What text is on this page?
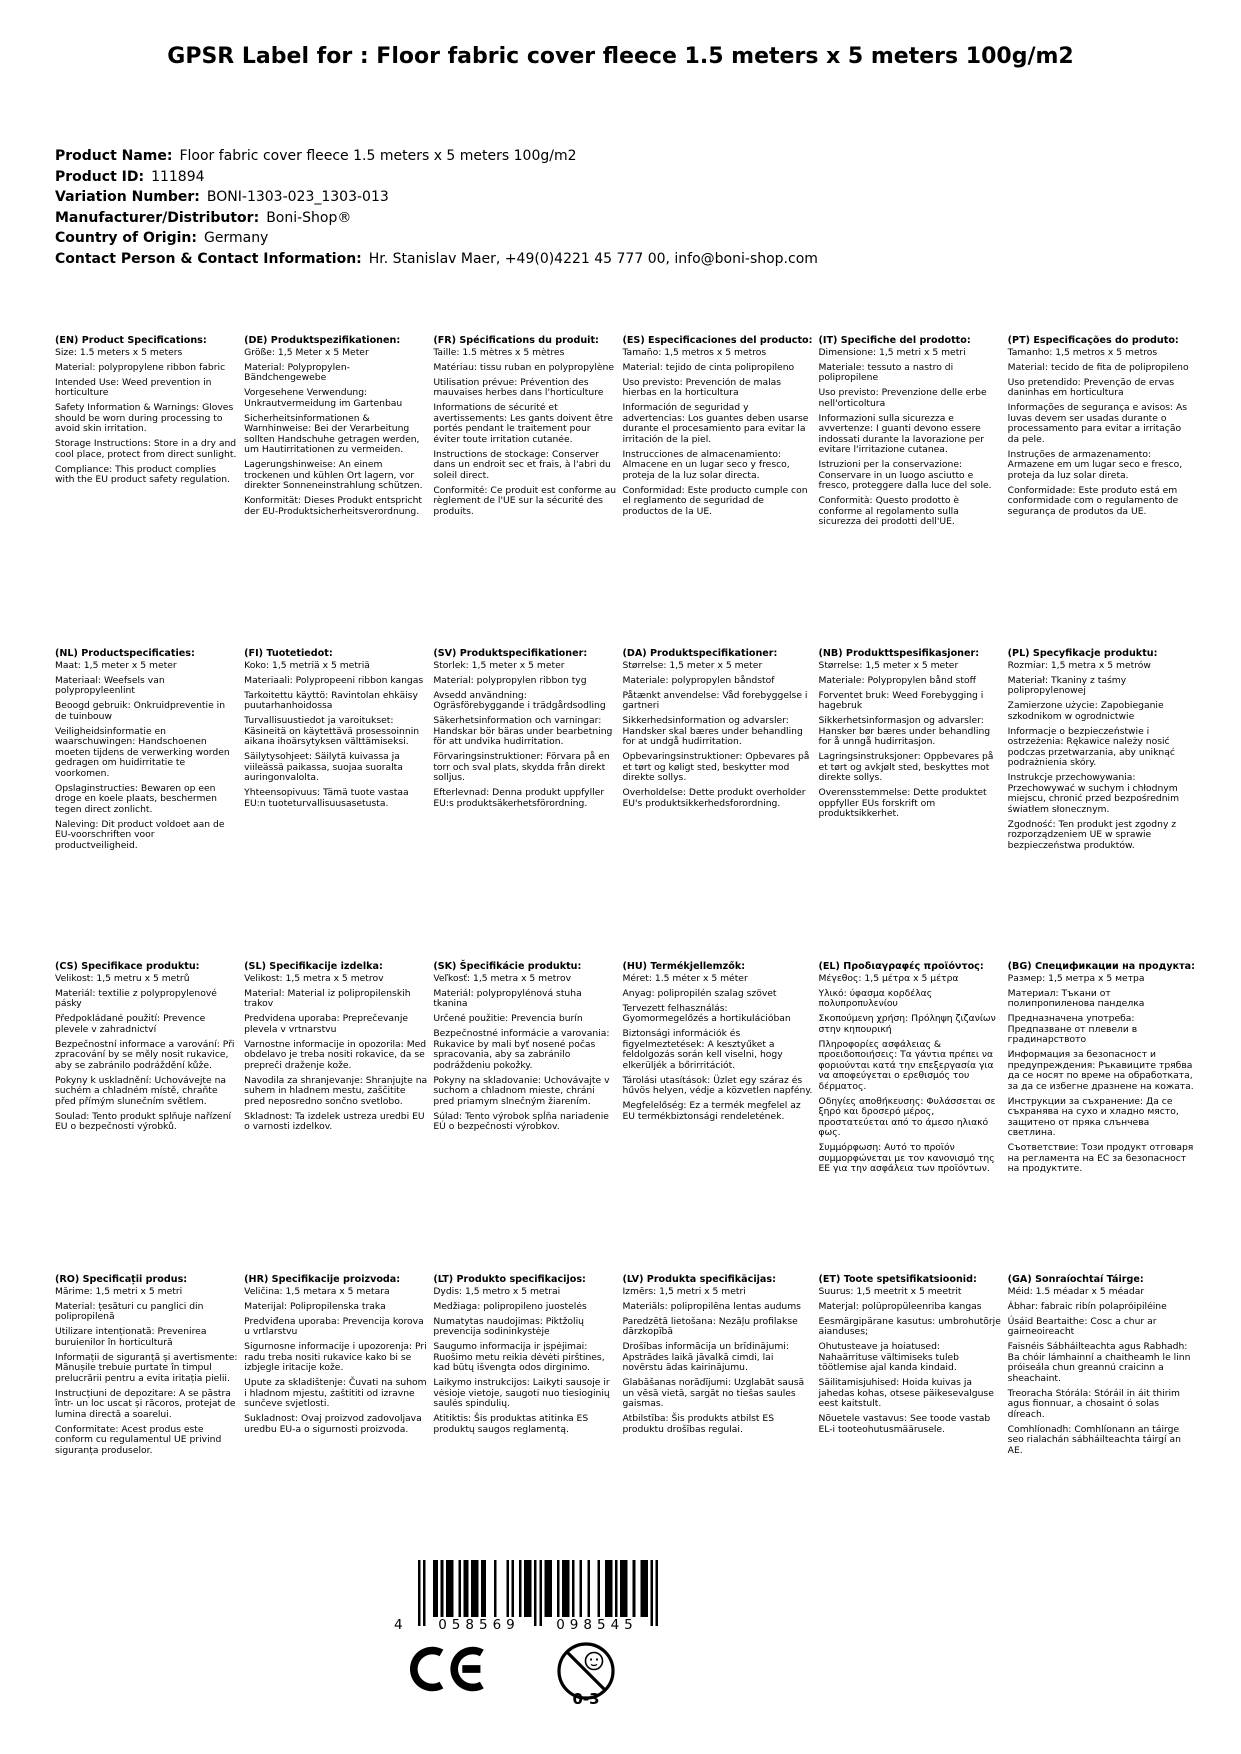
GPSR Label for : Floor fabric cover fleece 1.5 meters x 5 meters 100g/m2
Product Name: Floor fabric cover fleece 1.5 meters x 5 meters 100g/m2
Product ID: 111894
Variation Number: BONI-1303-023_1303-013
Manufacturer/Distributor: Boni-Shop®
Country of Origin: Germany
Contact Person & Contact Information: Hr. Stanislav Maer, +49(0)4221 45 777 00, info@boni-shop.com
(EN) Product Specifications:

Size: 1.5 meters x 5 meters

Material: polypropylene ribbon fabric

Intended Use: Weed prevention in horticulture

Safety Information & Warnings: Gloves should be worn during processing to avoid skin irritation.

Storage Instructions: Store in a dry and cool place, protect from direct sunlight.

Compliance: This product complies with the EU product safety regulation.

(DE) Produktspezifikationen:

Größe: 1,5 Meter x 5 Meter

Material: Polypropylen-Bändchengewebe

Vorgesehene Verwendung: Unkrautvermeidung im Gartenbau

Sicherheitsinformationen & Warnhinweise: Bei der Verarbeitung sollten Handschuhe getragen werden, um Hautirritationen zu vermeiden.

Lagerungshinweise: An einem trockenen und kühlen Ort lagern, vor direkter Sonneneinstrahlung schützen.

Konformität: Dieses Produkt entspricht der EU-Produktsicherheitsverordnung.

(FR) Spécifications du produit:

Taille: 1.5 mètres x 5 mètres

Matériau: tissu ruban en polypropylène

Utilisation prévue: Prévention des mauvaises herbes dans l'horticulture

Informations de sécurité et avertissements: Les gants doivent être portés pendant le traitement pour éviter toute irritation cutanée.

Instructions de stockage: Conserver dans un endroit sec et frais, à l'abri du soleil direct.

Conformité: Ce produit est conforme au règlement de l'UE sur la sécurité des produits.

(ES) Especificaciones del producto:

Tamaño: 1,5 metros x 5 metros

Material: tejido de cinta polipropileno

Uso previsto: Prevención de malas hierbas en la horticultura

Información de seguridad y advertencias: Los guantes deben usarse durante el procesamiento para evitar la irritación de la piel.

Instrucciones de almacenamiento: Almacene en un lugar seco y fresco, proteja de la luz solar directa.

Conformidad: Este producto cumple con el reglamento de seguridad de productos de la UE.

(IT) Specifiche del prodotto:

Dimensione: 1,5 metri x 5 metri

Materiale: tessuto a nastro di polipropilene

Uso previsto: Prevenzione delle erbe nell'orticoltura

Informazioni sulla sicurezza e avvertenze: I guanti devono essere indossati durante la lavorazione per evitare l'irritazione cutanea.

Istruzioni per la conservazione: Conservare in un luogo asciutto e fresco, proteggere dalla luce del sole.

Conformità: Questo prodotto è conforme al regolamento sulla sicurezza dei prodotti dell'UE.

(PT) Especificações do produto:

Tamanho: 1,5 metros x 5 metros

Material: tecido de fita de polipropileno

Uso pretendido: Prevenção de ervas daninhas em horticultura

Informações de segurança e avisos: As luvas devem ser usadas durante o processamento para evitar a irritação da pele.

Instruções de armazenamento: Armazene em um lugar seco e fresco, proteja da luz solar direta.

Conformidade: Este produto está em conformidade com o regulamento de segurança de produtos da UE.

(NL) Productspecificaties:

Maat: 1,5 meter x 5 meter

Materiaal: Weefsels van polypropyleenlint

Beoogd gebruik: Onkruidpreventie in de tuinbouw

Veiligheidsinformatie en waarschuwingen: Handschoenen moeten tijdens de verwerking worden gedragen om huidirritatie te voorkomen.

Opslaginstructies: Bewaren op een droge en koele plaats, beschermen tegen direct zonlicht.

Naleving: Dit product voldoet aan de EU-voorschriften voor productveiligheid.

(FI) Tuotetiedot:

Koko: 1,5 metriä x 5 metriä

Materiaali: Polypropeeni ribbon kangas

Tarkoitettu käyttö: Ravintolan ehkäisy puutarhanhoidossa

Turvallisuustiedot ja varoitukset: Käsineitä on käytettävä prosessoinnin aikana ihoärsytyksen välttämiseksi.

Säilytysohjeet: Säilytä kuivassa ja viileässä paikassa, suojaa suoralta auringonvalolta.

Yhteensopivuus: Tämä tuote vastaa EU:n tuoteturvallisuusasetusta.

(SV) Produktspecifikationer:

Storlek: 1,5 meter x 5 meter

Material: polypropylen ribbon tyg

Avsedd användning: Ogräsförebyggande i trädgårdsodling

Säkerhetsinformation och varningar: Handskar bör bäras under bearbetning för att undvika hudirritation.

Förvaringsinstruktioner: Förvara på en torr och sval plats, skydda från direkt solljus.

Efterlevnad: Denna produkt uppfyller EU:s produktsäkerhetsförordning.

(DA) Produktspecifikationer:

Størrelse: 1,5 meter x 5 meter

Materiale: polypropylen båndstof

Påtænkt anvendelse: Våd forebyggelse i gartneri

Sikkerhedsinformation og advarsler: Handsker skal bæres under behandling for at undgå hudirritation.

Opbevaringsinstruktioner: Opbevares på et tørt og køligt sted, beskytter mod direkte sollys.

Overholdelse: Dette produkt overholder EU's produktsikkerhedsforordning.

(NB) Produkttspesifikasjoner:

Størrelse: 1,5 meter x 5 meter

Materiale: Polypropylen bånd stoff

Forventet bruk: Weed Forebygging i hagebruk

Sikkerhetsinformasjon og advarsler: Hansker bør bæres under behandling for å unngå hudirritasjon.

Lagringsinstruksjoner: Oppbevares på et tørt og avkjølt sted, beskyttes mot direkte sollys.

Overensstemmelse: Dette produktet oppfyller EUs forskrift om produktsikkerhet.

(PL) Specyfikacje produktu:

Rozmiar: 1,5 metra x 5 metrów

Materiał: Tkaniny z taśmy polipropylenowej

Zamierzone użycie: Zapobieganie szkodnikom w ogrodnictwie

Informacje o bezpieczeństwie i ostrzeżenia: Rękawice należy nosić podczas przetwarzania, aby uniknąć podrażnienia skóry.

Instrukcje przechowywania: Przechowywać w suchym i chłodnym miejscu, chronić przed bezpośrednim światłem słonecznym.

Zgodność: Ten produkt jest zgodny z rozporządzeniem UE w sprawie bezpieczeństwa produktów.

(CS) Specifikace produktu:

Velikost: 1,5 metru x 5 metrů

Materiál: textilie z polypropylenové pásky

Předpokládané použití: Prevence plevele v zahradnictví

Bezpečnostní informace a varování: Při zpracování by se měly nosit rukavice, aby se zabránilo podráždění kůže.

Pokyny k uskladnění: Uchovávejte na suchém a chladném místě, chraňte před přímým slunečním světlem.

Soulad: Tento produkt splňuje nařízení EU o bezpečnosti výrobků.

(SL) Specifikacije izdelka:

Velikost: 1,5 metra x 5 metrov

Material: Material iz polipropilenskih trakov

Predvidena uporaba: Preprečevanje plevela v vrtnarstvu

Varnostne informacije in opozorila: Med obdelavo je treba nositi rokavice, da se prepreči draženje kože.

Navodila za shranjevanje: Shranjujte na suhem in hladnem mestu, zaščitite pred neposredno sončno svetlobo.

Skladnost: Ta izdelek ustreza uredbi EU o varnosti izdelkov.

(SK) Špecifikácie produktu:

Veľkosť: 1,5 metra x 5 metrov

Materiál: polypropylénová stuha tkanina

Určené použitie: Prevencia burín

Bezpečnostné informácie a varovania: Rukavice by mali byť nosené počas spracovania, aby sa zabránilo podráždeniu pokožky.

Pokyny na skladovanie: Uchovávajte v suchom a chladnom mieste, chráni pred priamym slnečným žiarením.

Súlad: Tento výrobok spĺňa nariadenie EÚ o bezpečnosti výrobkov.

(HU) Termékjellemzők:

Méret: 1.5 méter x 5 méter

Anyag: polipropilén szalag szövet

Tervezett felhasználás: Gyomormegelőzés a hortikulációban

Biztonsági információk és figyelmeztetések: A kesztyűket a feldolgozás során kell viselni, hogy elkerüljék a bőrirritációt.

Tárolási utasítások: Üzlet egy száraz és hűvös helyen, védje a közvetlen napfény.

Megfelelőség: Ez a termék megfelel az EU termékbiztonsági rendeletének.

(EL) Προδιαγραφές προϊόντος:

Μέγεθος: 1,5 μέτρα x 5 μέτρα

Υλικό: ύφασμα κορδέλας πολυπροπυλενίου

Σκοπούμενη χρήση: Πρόληψη ζιζανίων στην κηπουρική

Πληροφορίες ασφάλειας & προειδοποιήσεις: Τα γάντια πρέπει να φοριούνται κατά την επεξεργασία για να αποφεύγεται ο ερεθισμός του δέρματος.

Οδηγίες αποθήκευσης: Φυλάσσεται σε ξηρό και δροσερό μέρος, προστατεύεται από το άμεσο ηλιακό φως.

Συμμόρφωση: Αυτό το προϊόν συμμορφώνεται με τον κανονισμό της ΕΕ για την ασφάλεια των προϊόντων.

(BG) Спецификации на продукта:

Размер: 1,5 метра x 5 метра

Материал: Тъкани от полипропиленова панделка

Предназначена употреба: Предпазване от плевели в градинарството

Информация за безопасност и предупреждения: Ръкавиците трябва да се носят по време на обработката, за да се избегне дразнене на кожата.

Инструкции за съхранение: Да се съхранява на сухо и хладно място, защитено от пряка слънчева светлина.

Съответствие: Този продукт отговаря на регламента на ЕС за безопасност на продуктите.

(RO) Specificații produs:

Mărime: 1,5 metri x 5 metri

Material: țesături cu panglici din polipropilenă

Utilizare intenționată: Prevenirea buruienilor în horticultură

Informații de siguranță și avertismente: Mănușile trebuie purtate în timpul prelucrării pentru a evita iritația pielii.

Instrucțiuni de depozitare: A se păstra într- un loc uscat și răcoros, protejat de lumina directă a soarelui.

Conformitate: Acest produs este conform cu regulamentul UE privind siguranța produselor.

(HR) Specifikacije proizvoda:

Veličina: 1,5 metara x 5 metara

Materijal: Polipropilenska traka

Predviđena uporaba: Prevencija korova u vrtlarstvu

Sigurnosne informacije i upozorenja: Pri radu treba nositi rukavice kako bi se izbjegle iritacije kože.

Upute za skladištenje: Čuvati na suhom i hladnom mjestu, zaštititi od izravne sunčeve svjetlosti.

Sukladnost: Ovaj proizvod zadovoljava uredbu EU-a o sigurnosti proizvoda.

(LT) Produkto specifikacijos:

Dydis: 1,5 metro x 5 metrai

Medžiaga: polipropileno juostelės

Numatytas naudojimas: Piktžolių prevencija sodininkystėje

Saugumo informacija ir įspėjimai: Ruošimo metu reikia dėvėti pirštines, kad būtų išvengta odos dirginimo.

Laikymo instrukcijos: Laikyti sausoje ir vėsioje vietoje, saugoti nuo tiesioginių saulės spindulių.

Atitiktis: Šis produktas atitinka ES produktų saugos reglamentą.

(LV) Produkta specifikācijas:

Izmērs: 1,5 metri x 5 metri

Materiāls: polipropilēna lentas audums

Paredzētā lietošana: Nezāļu profilakse dārzkopībā

Drošības informācija un brīdinājumi: Apstrādes laikā jāvalkā cimdi, lai novērstu ādas kairinājumu.

Glabāšanas norādījumi: Uzglabāt sausā un vēsā vietā, sargāt no tiešas saules gaismas.

Atbilstība: Šis produkts atbilst ES produktu drošības regulai.

(ET) Toote spetsifikatsioonid:

Suurus: 1,5 meetrit x 5 meetrit

Materjal: polüpropüleenriba kangas

Eesmärgipärane kasutus: umbrohutõrje aianduses;

Ohutusteave ja hoiatused: Nahaärrituse vältimiseks tuleb töötlemise ajal kanda kindaid.

Säilitamisjuhised: Hoida kuivas ja jahedas kohas, otsese päikesevalguse eest kaitstult.

Nõuetele vastavus: See toode vastab EL-i tooteohutusmäärusele.

(GA) Sonraíochtaí Táirge:

Méid: 1.5 méadar x 5 méadar

Ábhar: fabraic ribín polapróipiléine

Úsáid Beartaithe: Cosc a chur ar gairneoireacht

Faisnéis Sábháilteachta agus Rabhadh: Ba chóir lámhainní a chaitheamh le linn próiseála chun greannú craicinn a sheachaint.

Treoracha Stórála: Stóráil in áit thirim agus fionnuar, a chosaint ó solas díreach.

Comhlíonadh: Comhlíonann an táirge seo rialachán sábháilteachta táirgí an AE.

4	058569	098545
0-3
